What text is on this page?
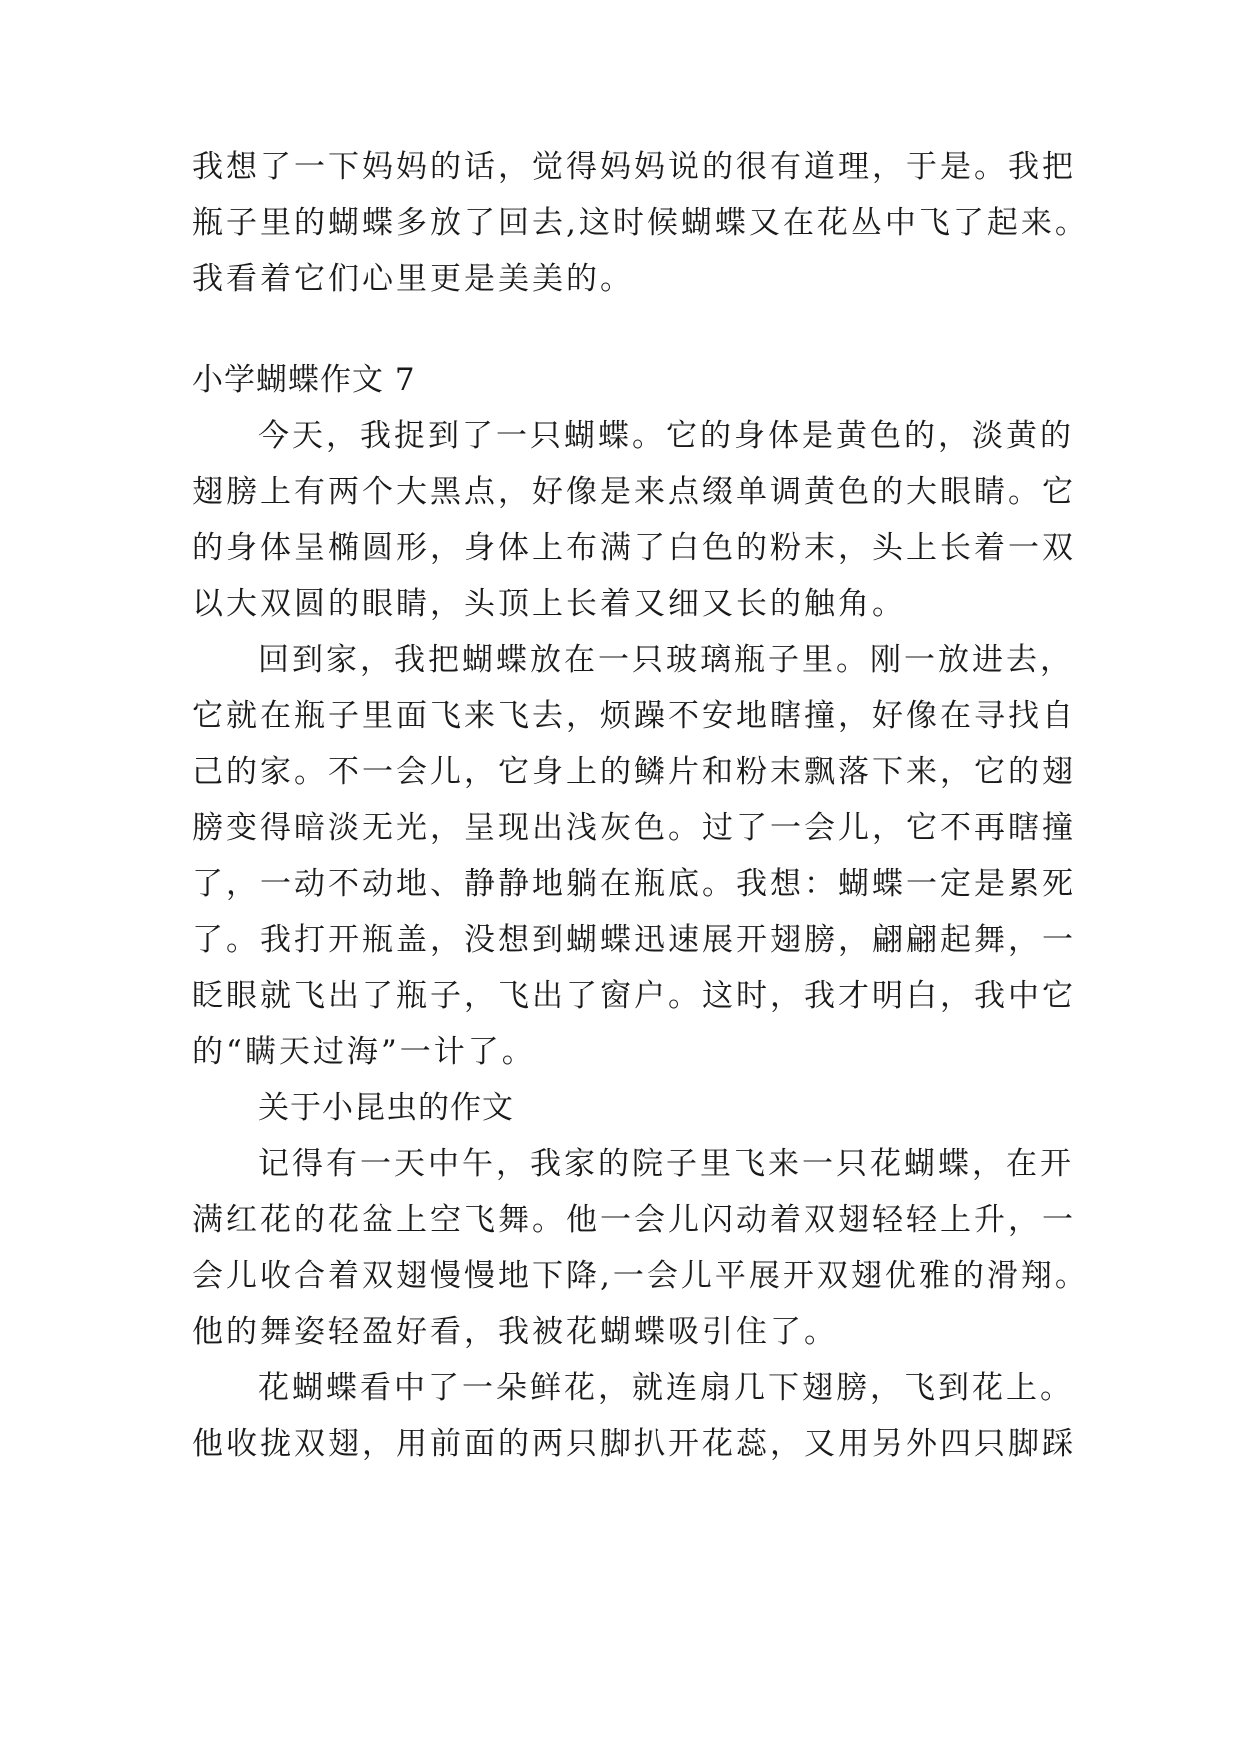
我想了一下妈妈的话，觉得妈妈说的很有道理，于是。我把
瓶子里的蝴蝶多放了回去,这时候蝴蝶又在花丛中飞了起来。
我看着它们心里更是美美的。
小学蝴蝶作文 7
今天，我捉到了一只蝴蝶。它的身体是黄色的，淡黄的
翅膀上有两个大黑点，好像是来点缀单调黄色的大眼睛。它
的身体呈椭圆形，身体上布满了白色的粉末，头上长着一双
以大双圆的眼睛，头顶上长着又细又长的触角。
回到家，我把蝴蝶放在一只玻璃瓶子里。刚一放进去，
它就在瓶子里面飞来飞去，烦躁不安地瞎撞，好像在寻找自
己的家。不一会儿，它身上的鳞片和粉末飘落下来，它的翅
膀变得暗淡无光，呈现出浅灰色。过了一会儿，它不再瞎撞
了，一动不动地、静静地躺在瓶底。我想：蝴蝶一定是累死
了。我打开瓶盖，没想到蝴蝶迅速展开翅膀，翩翩起舞，一
眨眼就飞出了瓶子，飞出了窗户。这时，我才明白，我中它
的“瞒天过海”一计了。
关于小昆虫的作文
记得有一天中午，我家的院子里飞来一只花蝴蝶，在开
满红花的花盆上空飞舞。他一会儿闪动着双翅轻轻上升，一
会儿收合着双翅慢慢地下降,一会儿平展开双翅优雅的滑翔。
他的舞姿轻盈好看，我被花蝴蝶吸引住了。
花蝴蝶看中了一朵鲜花，就连扇几下翅膀，飞到花上。
他收拢双翅，用前面的两只脚扒开花蕊，又用另外四只脚踩
